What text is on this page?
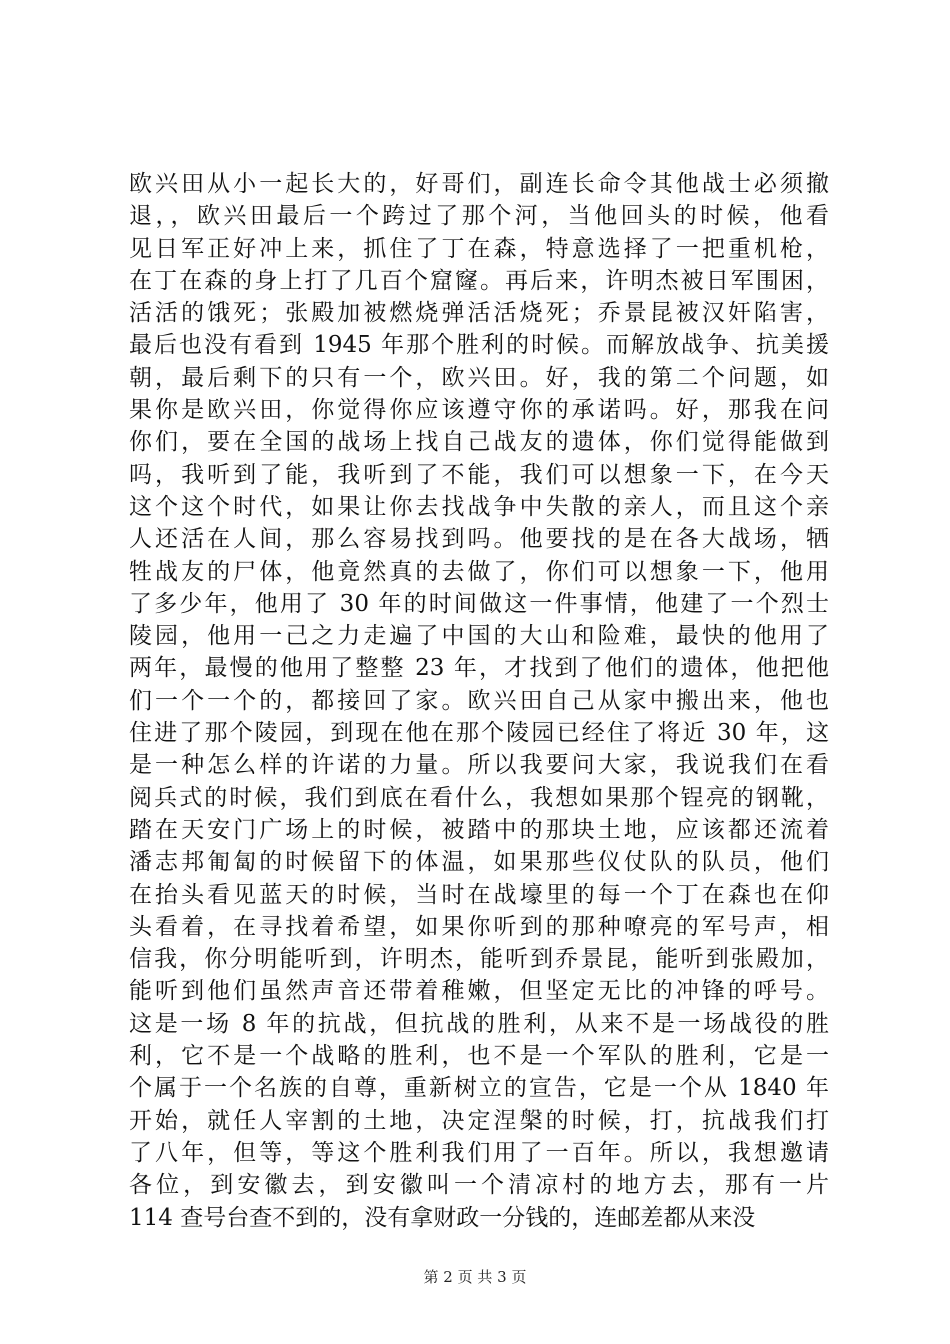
欧兴田从小一起长大的，好哥们，副连长命令其他战士必须撤
退，，欧兴田最后一个跨过了那个河，当他回头的时候，他看
见日军正好冲上来，抓住了丁在森，特意选择了一把重机枪，
在丁在森的身上打了几百个窟窿。再后来，许明杰被日军围困，
活活的饿死；张殿加被燃烧弹活活烧死；乔景昆被汉奸陷害，
最后也没有看到 1945 年那个胜利的时候。而解放战争、抗美援
朝，最后剩下的只有一个，欧兴田。好，我的第二个问题，如
果你是欧兴田，你觉得你应该遵守你的承诺吗。好，那我在问
你们，要在全国的战场上找自己战友的遗体，你们觉得能做到
吗，我听到了能，我听到了不能，我们可以想象一下，在今天
这个这个时代，如果让你去找战争中失散的亲人，而且这个亲
人还活在人间，那么容易找到吗。他要找的是在各大战场，牺
牲战友的尸体，他竟然真的去做了，你们可以想象一下，他用
了多少年，他用了 30 年的时间做这一件事情，他建了一个烈士
陵园，他用一己之力走遍了中国的大山和险难，最快的他用了
两年，最慢的他用了整整 23 年，才找到了他们的遗体，他把他
们一个一个的，都接回了家。欧兴田自己从家中搬出来，他也
住进了那个陵园，到现在他在那个陵园已经住了将近 30 年，这
是一种怎么样的许诺的力量。所以我要问大家，我说我们在看
阅兵式的时候，我们到底在看什么，我想如果那个锃亮的钢靴，
踏在天安门广场上的时候，被踏中的那块土地，应该都还流着
潘志邦匍匐的时候留下的体温，如果那些仪仗队的队员，他们
在抬头看见蓝天的时候，当时在战壕里的每一个丁在森也在仰
头看着，在寻找着希望，如果你听到的那种嘹亮的军号声，相
信我，你分明能听到，许明杰，能听到乔景昆，能听到张殿加，
能听到他们虽然声音还带着稚嫩，但坚定无比的冲锋的呼号。
这是一场 8 年的抗战，但抗战的胜利，从来不是一场战役的胜
利，它不是一个战略的胜利，也不是一个军队的胜利，它是一
个属于一个名族的自尊，重新树立的宣告，它是一个从 1840 年
开始，就任人宰割的土地，决定涅槃的时候，打，抗战我们打
了八年，但等，等这个胜利我们用了一百年。所以，我想邀请
各位，到安徽去，到安徽叫一个清凉村的地方去，那有一片
114 查号台查不到的，没有拿财政一分钱的，连邮差都从来没
第 2 页 共 3 页
